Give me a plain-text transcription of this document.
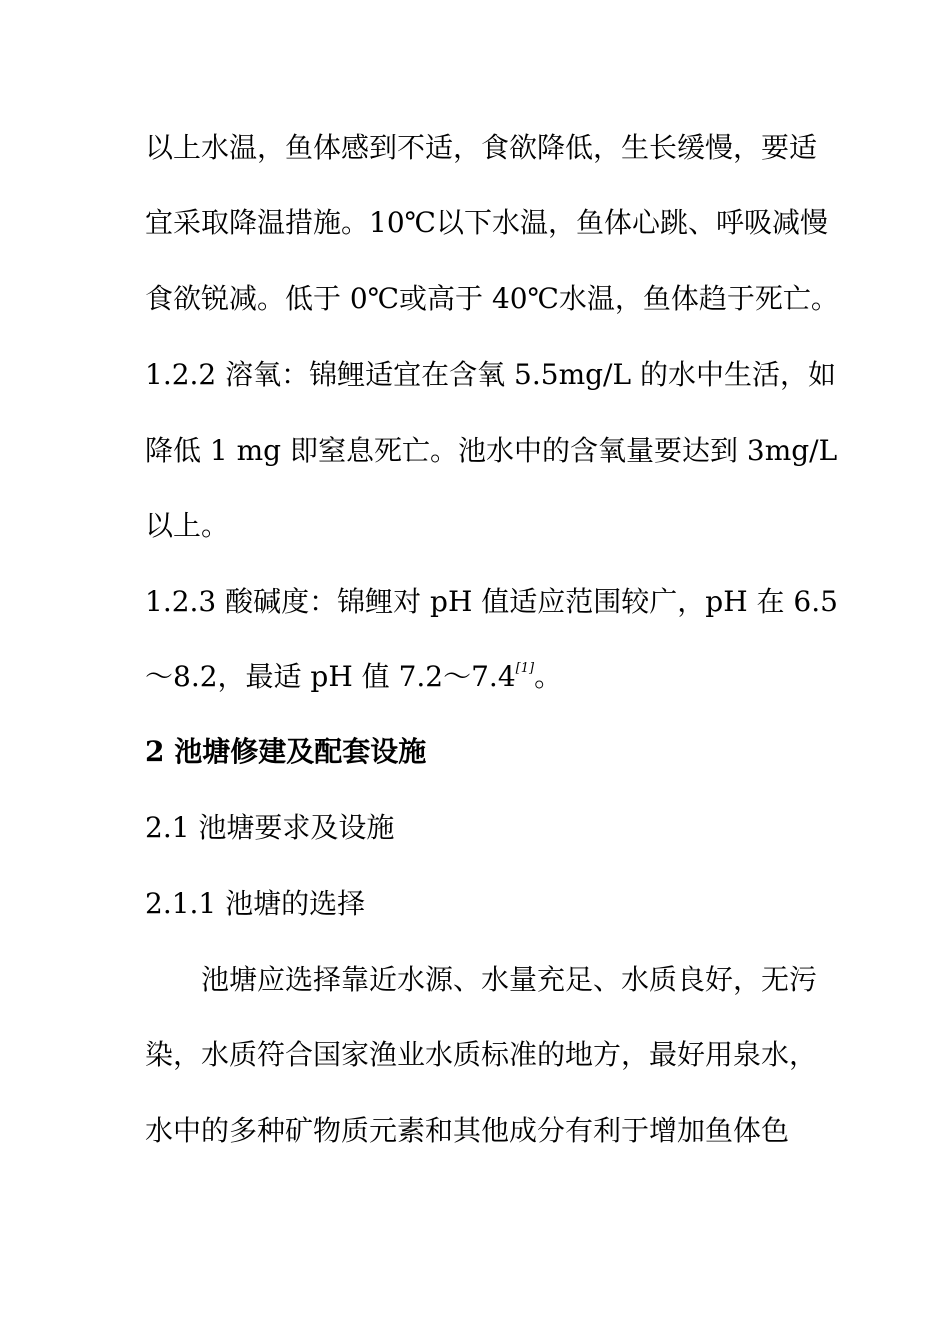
以上水温，鱼体感到不适，食欲降低，生长缓慢，要适
宜采取降温措施。10℃以下水温，鱼体心跳、呼吸减慢
食欲锐减。低于 0℃或高于 40℃水温，鱼体趋于死亡。
1.2.2 溶氧：锦鲤适宜在含氧 5.5mg/L 的水中生活，如
降低 1 mg 即窒息死亡。池水中的含氧量要达到 3mg/L
以上。
1.2.3 酸碱度：锦鲤对 pH 值适应范围较广，pH 在 6.5
～8.2，最适 pH 值 7.2～7.4[1]。
2 池塘修建及配套设施
2.1 池塘要求及设施
2.1.1 池塘的选择
池塘应选择靠近水源、水量充足、水质良好，无污
染，水质符合国家渔业水质标准的地方，最好用泉水，
水中的多种矿物质元素和其他成分有利于增加鱼体色
